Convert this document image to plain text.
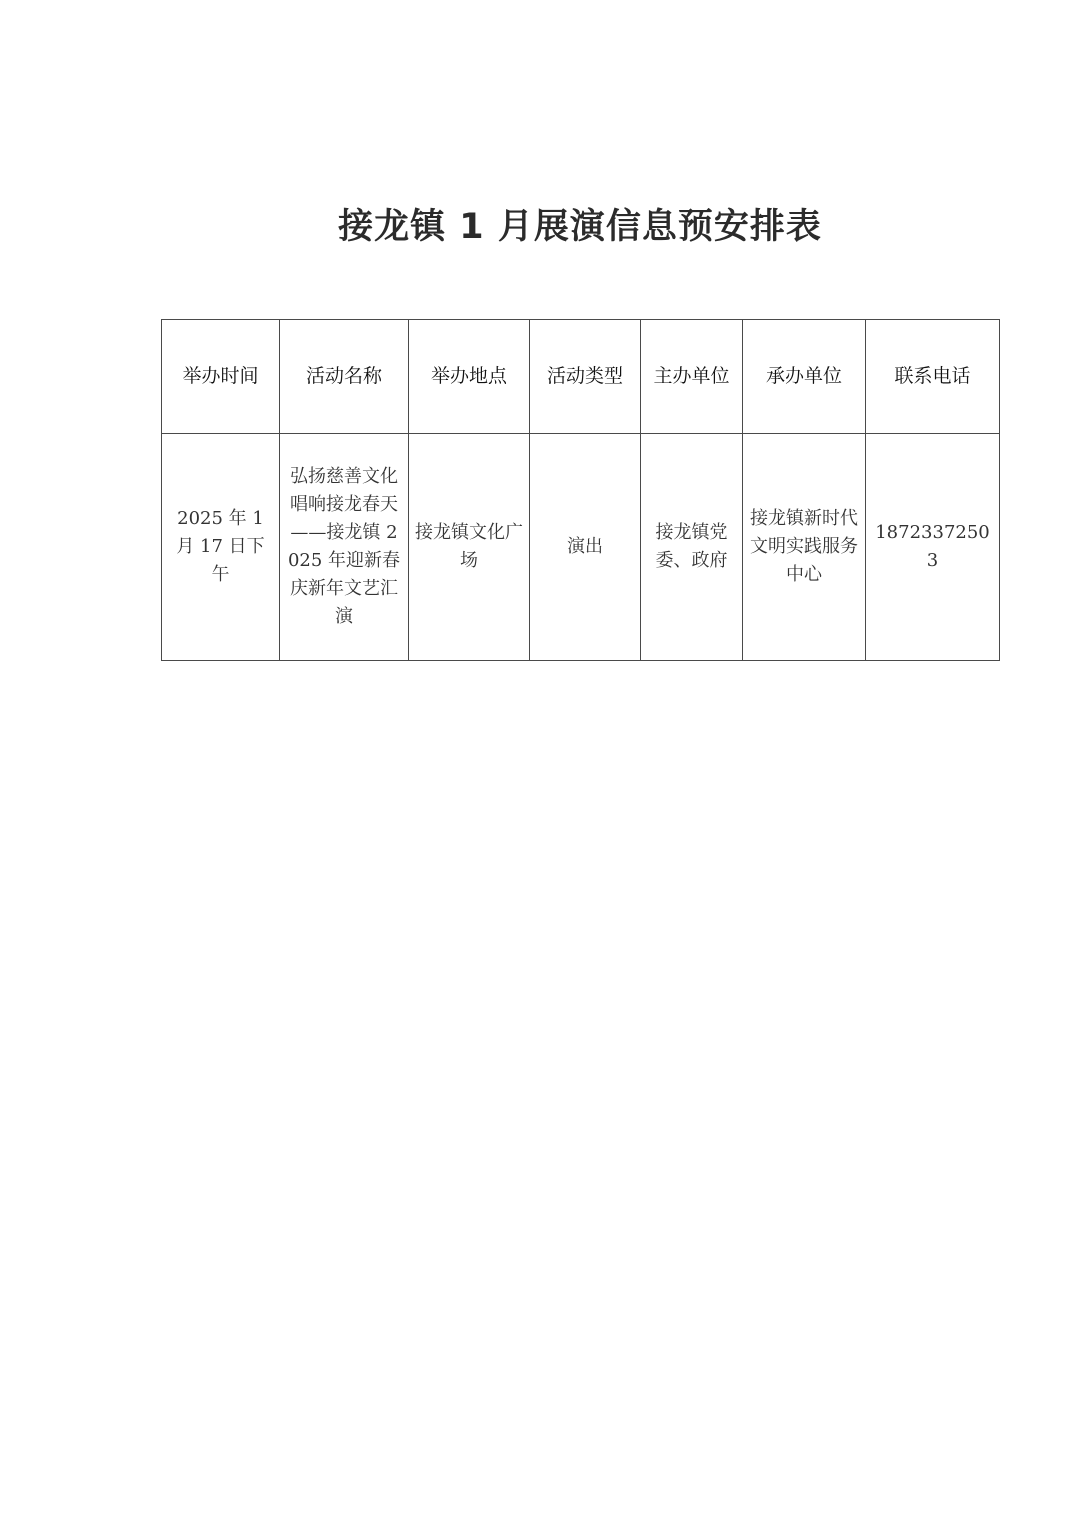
接龙镇 1 月展演信息预安排表
举办时间	活动名称	举办地点	活动类型	主办单位	承办单位	联系电话
2025 年 1 月 17 日下午	弘扬慈善文化 唱响接龙春天——接龙镇 2025 年迎新春庆新年文艺汇演	接龙镇文化广场	演出	接龙镇党委、政府	接龙镇新时代文明实践服务中心	18723372503
